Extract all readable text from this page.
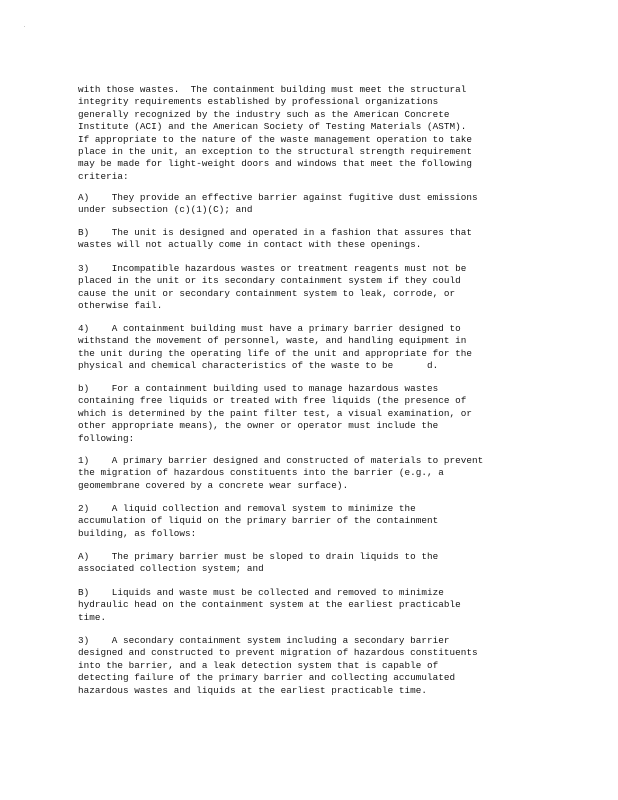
with those wastes.  The containment building must meet the structural
integrity requirements established by professional organizations
generally recognized by the industry such as the American Concrete
Institute (ACI) and the American Society of Testing Materials (ASTM).
If appropriate to the nature of the waste management operation to take
place in the unit, an exception to the structural strength requirement
may be made for light-weight doors and windows that meet the following
criteria:

A)    They provide an effective barrier against fugitive dust emissions
under subsection (c)(1)(C); and

B)    The unit is designed and operated in a fashion that assures that
wastes will not actually come in contact with these openings.

3)    Incompatible hazardous wastes or treatment reagents must not be
placed in the unit or its secondary containment system if they could
cause the unit or secondary containment system to leak, corrode, or
otherwise fail.

4)    A containment building must have a primary barrier designed to
withstand the movement of personnel, waste, and handling equipment in
the unit during the operating life of the unit and appropriate for the
physical and chemical characteristics of the waste to be      d.

b)    For a containment building used to manage hazardous wastes
containing free liquids or treated with free liquids (the presence of
which is determined by the paint filter test, a visual examination, or
other appropriate means), the owner or operator must include the
following:

1)    A primary barrier designed and constructed of materials to prevent
the migration of hazardous constituents into the barrier (e.g., a
geomembrane covered by a concrete wear surface).

2)    A liquid collection and removal system to minimize the
accumulation of liquid on the primary barrier of the containment
building, as follows:

A)    The primary barrier must be sloped to drain liquids to the
associated collection system; and

B)    Liquids and waste must be collected and removed to minimize
hydraulic head on the containment system at the earliest practicable
time.

3)    A secondary containment system including a secondary barrier
designed and constructed to prevent migration of hazardous constituents
into the barrier, and a leak detection system that is capable of
detecting failure of the primary barrier and collecting accumulated
hazardous wastes and liquids at the earliest practicable time.
